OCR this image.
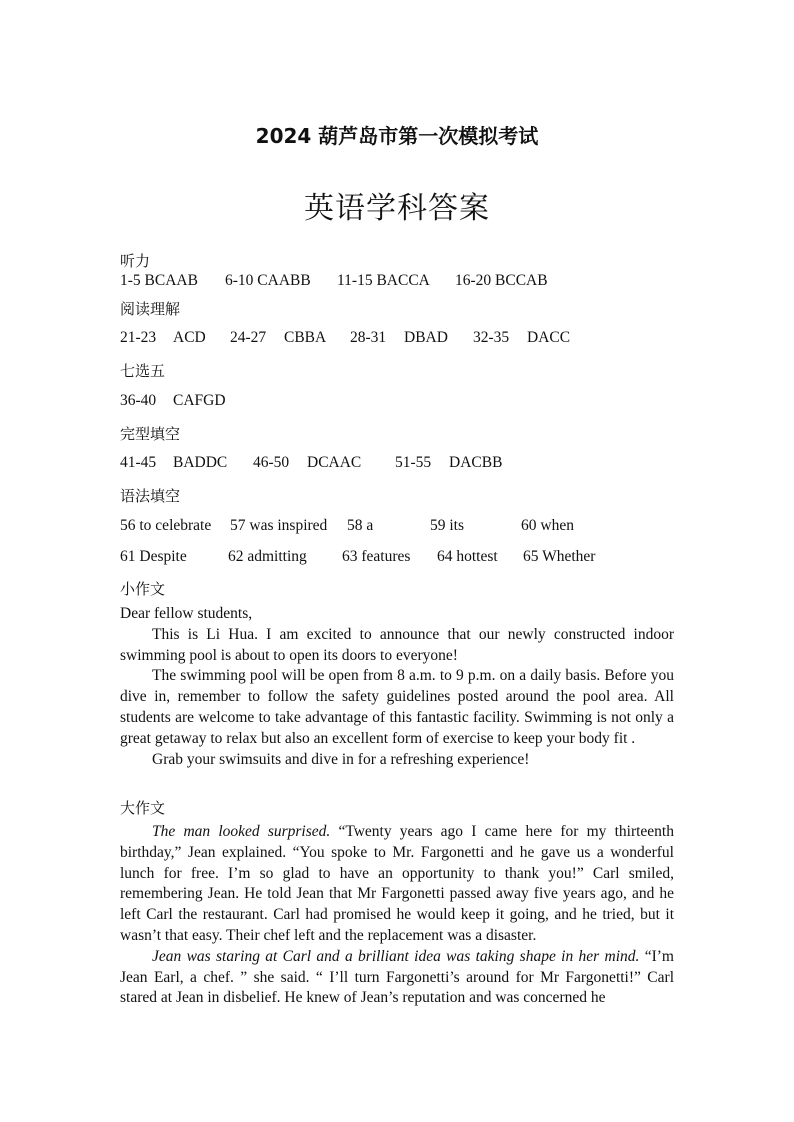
2024 葫芦岛市第一次模拟考试
英语学科答案
听力
1-5 BCAAB 6-10 CAABB 11-15 BACCA 16-20 BCCAB
阅读理解
21-23 ACD 24-27 CBBA 28-31 DBAD 32-35 DACC
七选五
36-40 CAFGD
完型填空
41-45 BADDC 46-50 DCAAC 51-55 DACBB
语法填空
56 to celebrate 57 was inspired 58 a	59 its	60 when
61 Despite	62 admitting 63 features 64 hottest 65 Whether
小作文

Dear fellow students,

This is Li Hua. I am excited to announce that our newly constructed indoor swimming pool is about to open its doors to everyone!

The swimming pool will be open from 8 a.m. to 9 p.m. on a daily basis. Before you dive in, remember to follow the safety guidelines posted around the pool area. All students are welcome to take advantage of this fantastic facility. Swimming is not only a great getaway to relax but also an excellent form of exercise to keep your body fit .

Grab your swimsuits and dive in for a refreshing experience!

大作文

The man looked surprised. “Twenty years ago I came here for my thirteenth birthday,” Jean explained. “You spoke to Mr. Fargonetti and he gave us a wonderful lunch for free. I’m so glad to have an opportunity to thank you!” Carl smiled, remembering Jean. He told Jean that Mr Fargonetti passed away five years ago, and he left Carl the restaurant. Carl had promised he would keep it going, and he tried, but it wasn’t that easy. Their chef left and the replacement was a disaster.

Jean was staring at Carl and a brilliant idea was taking shape in her mind. “I’m Jean Earl, a chef. ” she said. “ I’ll turn Fargonetti’s around for Mr Fargonetti!” Carl stared at Jean in disbelief. He knew of Jean’s reputation and was concerned he
